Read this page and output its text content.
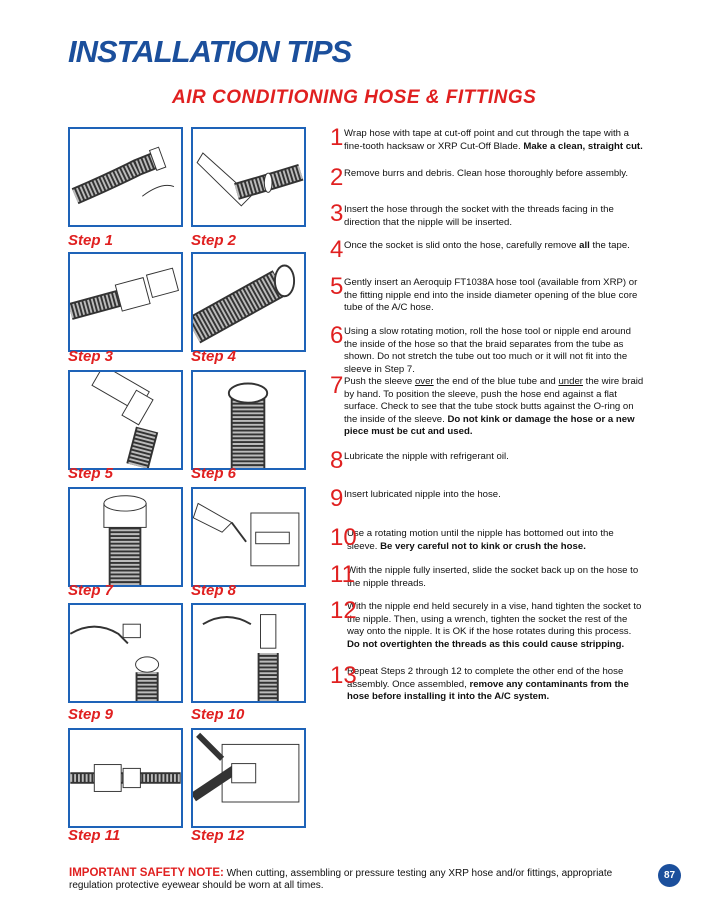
INSTALLATION TIPS
AIR CONDITIONING HOSE & FITTINGS
Step 1	Step 2
Step 3	Step 4
Step 5	Step 6
Step 7	Step 8
Step 9	Step 10
Step 11	Step 12
1 Wrap hose with tape at cut-off point and cut through the tape with a fine-tooth hacksaw or XRP Cut-Off Blade. Make a clean, straight cut.
2 Remove burrs and debris. Clean hose thoroughly before assembly.
3 Insert the hose through the socket with the threads facing in the direction that the nipple will be inserted.
4 Once the socket is slid onto the hose, carefully remove all the tape.
5 Gently insert an Aeroquip FT1038A hose tool (available from XRP) or the fitting nipple end into the inside diameter opening of the blue core tube of the A/C hose.
6 Using a slow rotating motion, roll the hose tool or nipple end around the inside of the hose so that the braid separates from the tube as shown. Do not stretch the tube out too much or it will not fit into the sleeve in Step 7.
7 Push the sleeve over the end of the blue tube and under the wire braid by hand. To position the sleeve, push the hose end against a flat surface. Check to see that the tube stock butts against the O-ring on the inside of the sleeve. Do not kink or damage the hose or a new piece must be cut and used.
8 Lubricate the nipple with refrigerant oil.
9 Insert lubricated nipple into the hose.
10
Use a rotating motion until the nipple has bottomed out into the sleeve. Be very careful not to kink or crush the hose.
11
With the nipple fully inserted, slide the socket back up on the hose to the nipple threads.
12
With the nipple end held securely in a vise, hand tighten the socket to the nipple. Then, using a wrench, tighten the socket the rest of the way onto the nipple. It is OK if the hose rotates during this process. Do not overtighten the threads as this could cause stripping.
13
Repeat Steps 2 through 12 to complete the other end of the hose assembly. Once assembled, remove any contaminants from the hose before installing it into the A/C system.
IMPORTANT SAFETY NOTE: When cutting, assembling or pressure testing any XRP hose and/or fittings, appropriate regulation protective eyewear should be worn at all times.
87
